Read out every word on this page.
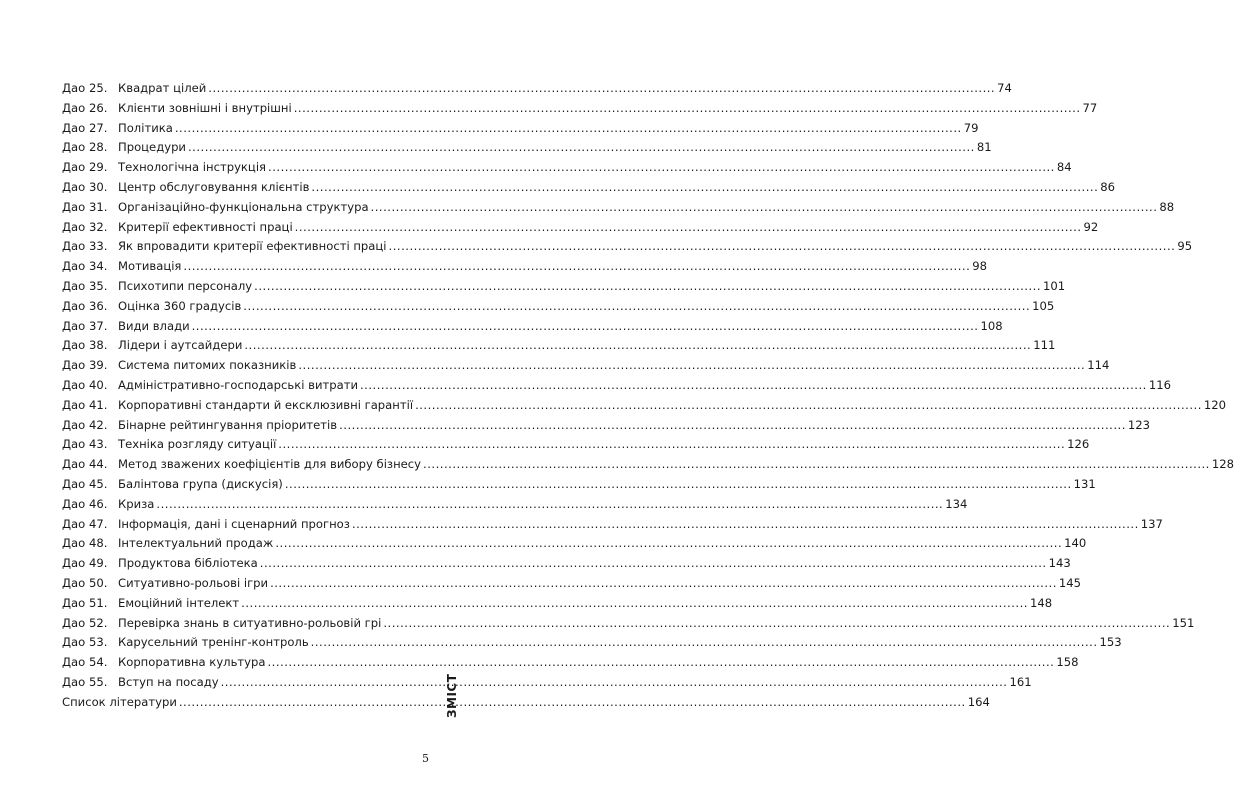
Дао 25. Квадрат цілей .....	74
Дао 26. Клієнти зовнішні і внутрішні .....	77
Дао 27. Політика .....	79
Дао 28. Процедури .....	81
Дао 29. Технологічна інструкція .....	84
Дао 30. Центр обслуговування клієнтів .....	86
Дао 31. Організаційно-функціональна структура .....	88
Дао 32. Критерії ефективності праці .....	92
Дао 33. Як впровадити критерії ефективності праці .....	95
Дао 34. Мотивація .....	98
Дао 35. Психотипи персоналу .....	101
Дао 36. Оцінка 360 градусів .....	105
Дао 37. Види влади .....	108
Дао 38. Лідери і аутсайдери .....	111
Дао 39. Система питомих показників .....	114
Дао 40. Адміністративно-господарські витрати .....	116
Дао 41. Корпоративні стандарти й ексклюзивні гарантії .....	120
Дао 42. Бінарне рейтингування пріоритетів .....	123
Дао 43. Техніка розгляду ситуації .....	126
Дао 44. Метод зважених коефіцієнтів для вибору бізнесу .....	128
Дао 45. Балінтова група (дискусія) .....	131
Дао 46. Криза .....	134
Дао 47. Інформація, дані і сценарний прогноз .....	137
Дао 48. Інтелектуальний продаж .....	140
Дао 49. Продуктова бібліотека .....	143
Дао 50. Ситуативно-рольові ігри .....	145
Дао 51. Емоційний інтелект .....	148
Дао 52. Перевірка знань в ситуативно-рольовій грі .....	151
Дао 53. Карусельний тренінг-контроль .....	153
Дао 54. Корпоративна культура .....	158
Дао 55. Вступ на посаду .....	161
Список літератури .....	164
ЗМІСТ
5
